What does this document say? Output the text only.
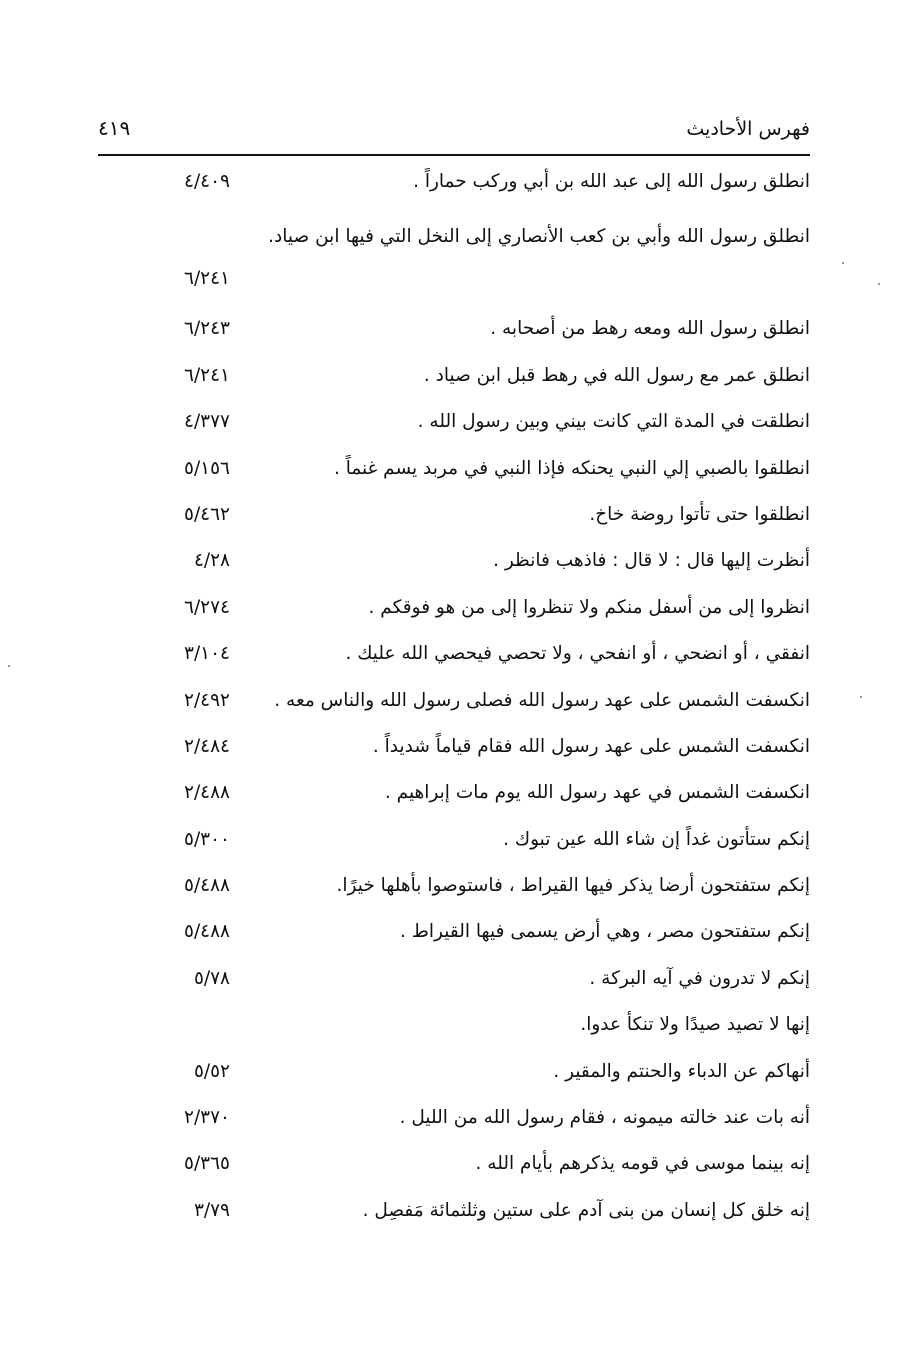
فهرس الأحاديث
٤١٩
انطلق رسول الله إلى عبد الله بن أبي وركب حماراً .
٤/٤٠٩
انطلق رسول الله وأبي بن كعب الأنصاري إلى النخل التي فيها ابن صياد.
٦/٢٤١
انطلق رسول الله ومعه رهط من أصحابه .
٦/٢٤٣
انطلق عمر مع رسول الله في رهط قبل ابن صياد .
٦/٢٤١
انطلقت في المدة التي كانت بيني وبين رسول الله .
٤/٣٧٧
انطلقوا بالصبي إلي النبي يحنكه فإذا النبي في مربد يسم غنماً .
٥/١٥٦
انطلقوا حتى تأتوا روضة خاخ.
٥/٤٦٢
أنظرت إليها قال : لا قال : فاذهب فانظر .
٤/٢٨
انظروا إلى من أسفل منكم ولا تنظروا إلى من هو فوقكم .
٦/٢٧٤
انفقي ، أو انضحي ، أو انفحي ، ولا تحصي فيحصي الله عليك .
٣/١٠٤
انكسفت الشمس على عهد رسول الله فصلى رسول الله والناس معه .
٢/٤٩٢
انكسفت الشمس على عهد رسول الله فقام قياماً شديداً .
٢/٤٨٤
انكسفت الشمس في عهد رسول الله يوم مات إبراهيم .
٢/٤٨٨
إنكم ستأتون غداً إن شاء الله عين تبوك .
٥/٣٠٠
إنكم ستفتحون أرضا يذكر فيها القيراط ، فاستوصوا بأهلها خيرًا.
٥/٤٨٨
إنكم ستفتحون مصر ، وهي أرض يسمى فيها القيراط .
٥/٤٨٨
إنكم لا تدرون في آيه البركة .
٥/٧٨
إنها لا تصيد صيدًا ولا تنكأ عدوا.
أنهاكم عن الدباء والحنتم والمقير .
٥/٥٢
أنه بات عند خالته ميمونه ، فقام رسول الله من الليل .
٢/٣٧٠
إنه بينما موسى في قومه يذكرهم بأيام الله .
٥/٣٦٥
إنه خلق كل إنسان من بنى آدم على ستين وثلثمائة مَفصِل .
٣/٧٩
